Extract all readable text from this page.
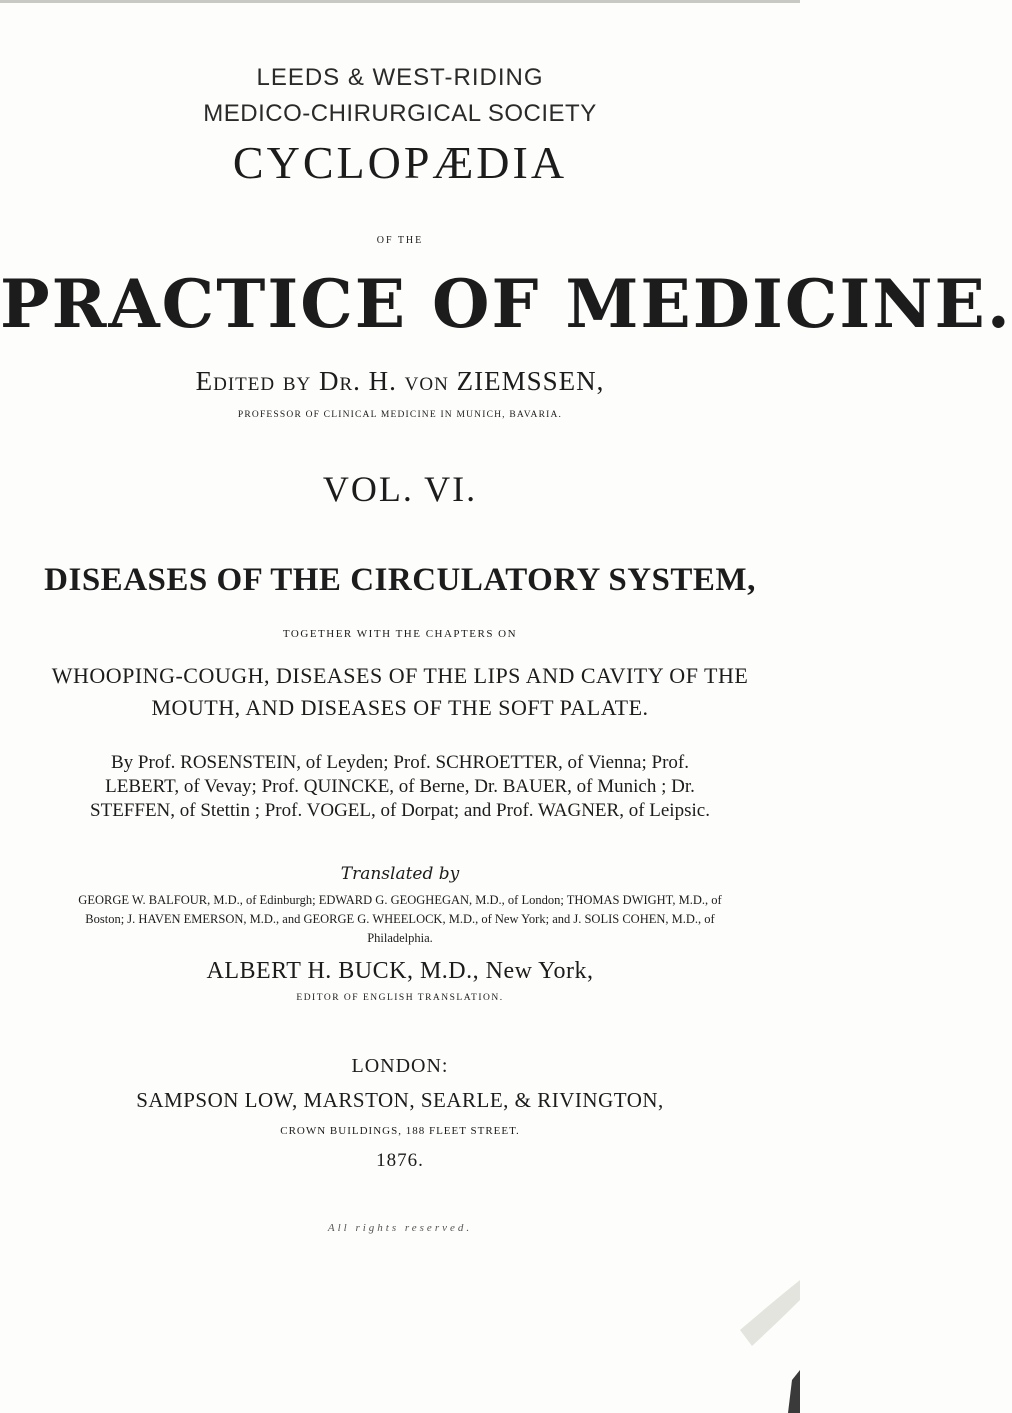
LEEDS & WEST-RIDING
MEDICO-CHIRURGICAL SOCIETY
CYCLOPÆDIA
OF THE
PRACTICE OF MEDICINE.
Edited by Dr. H. von ZIEMSSEN,
PROFESSOR OF CLINICAL MEDICINE IN MUNICH, BAVARIA.
VOL. VI.
DISEASES OF THE CIRCULATORY SYSTEM,
TOGETHER WITH THE CHAPTERS ON
WHOOPING-COUGH, DISEASES OF THE LIPS AND CAVITY OF THE
MOUTH, AND DISEASES OF THE SOFT PALATE.
By Prof. ROSENSTEIN, of Leyden; Prof. SCHROETTER, of Vienna; Prof. LEBERT, of Vevay; Prof. QUINCKE, of Berne, Dr. BAUER, of Munich ; Dr. STEFFEN, of Stettin ; Prof. VOGEL, of Dorpat; and Prof. WAGNER, of Leipsic.
Translated by
GEORGE W. BALFOUR, M.D., of Edinburgh; EDWARD G. GEOGHEGAN, M.D., of London; THOMAS DWIGHT, M.D., of Boston; J. HAVEN EMERSON, M.D., and GEORGE G. WHEELOCK, M.D., of New York; and J. SOLIS COHEN, M.D., of Philadelphia.
ALBERT H. BUCK, M.D., New York,
EDITOR OF ENGLISH TRANSLATION.
LONDON:
SAMPSON LOW, MARSTON, SEARLE, & RIVINGTON,
CROWN BUILDINGS, 188 FLEET STREET.
1876.
All rights reserved.
